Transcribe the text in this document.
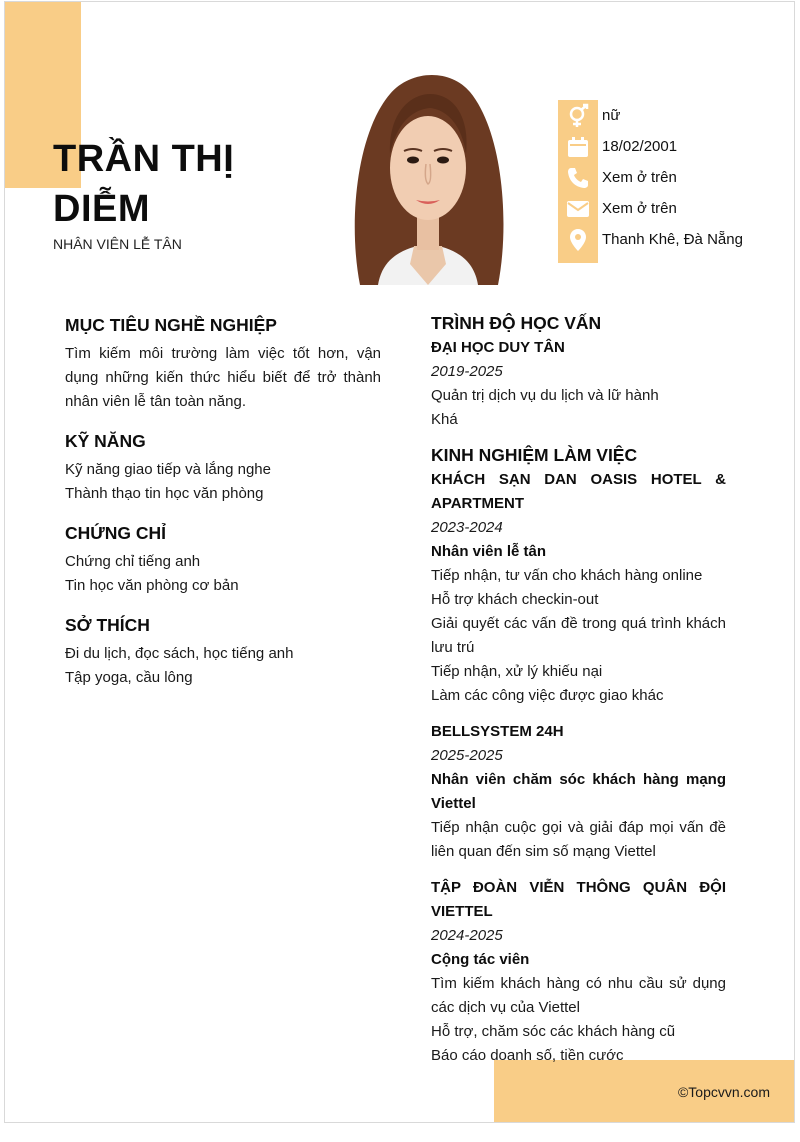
TRẦN THỊ DIỄM
NHÂN VIÊN LỄ TÂN
nữ
18/02/2001
Xem ở trên
Xem ở trên
Thanh Khê, Đà Nẵng
MỤC TIÊU NGHỀ NGHIỆP
Tìm kiếm môi trường làm việc tốt hơn, vận dụng những kiến thức hiểu biết để trở thành nhân viên lễ tân toàn năng.
KỸ NĂNG
Kỹ năng giao tiếp và lắng nghe
Thành thạo tin học văn phòng
CHỨNG CHỈ
Chứng chỉ tiếng anh
Tin học văn phòng cơ bản
SỞ THÍCH
Đi du lịch, đọc sách, học tiếng anh
Tập yoga, cầu lông
TRÌNH ĐỘ HỌC VẤN
ĐẠI HỌC DUY TÂN
2019-2025
Quản trị dịch vụ du lịch và lữ hành
Khá
KINH NGHIỆM LÀM VIỆC
KHÁCH SẠN DAN OASIS HOTEL & APARTMENT
2023-2024
Nhân viên lễ tân
Tiếp nhận, tư vấn cho khách hàng online
Hỗ trợ khách checkin-out
Giải quyết các vấn đề trong quá trình khách lưu trú
Tiếp nhận, xử lý khiếu nại
Làm các công việc được giao khác
BELLSYSTEM 24H
2025-2025
Nhân viên chăm sóc khách hàng mạng Viettel
Tiếp nhận cuộc gọi và giải đáp mọi vấn đề liên quan đến sim số mạng Viettel
TẬP ĐOÀN VIỄN THÔNG QUÂN ĐỘI VIETTEL
2024-2025
Cộng tác viên
Tìm kiếm khách hàng có nhu cầu sử dụng các dịch vụ của Viettel
Hỗ trợ, chăm sóc các khách hàng cũ
Báo cáo doanh số, tiền cước
©Topcvvn.com
